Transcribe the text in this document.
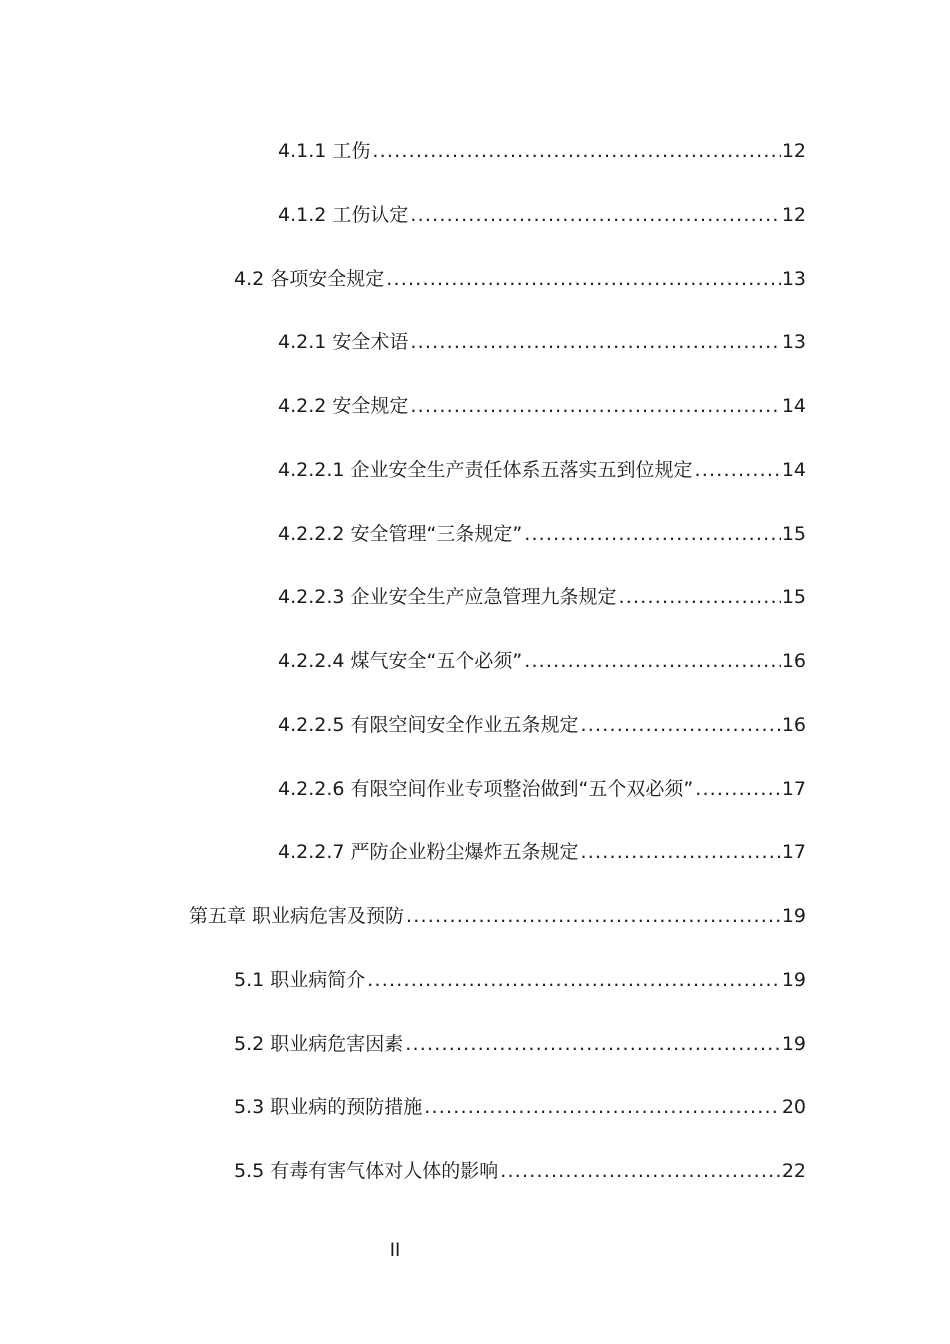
4.1.1 工伤 .....	12
4.1.2 工伤认定 .....	12
4.2 各项安全规定 .....	13
4.2.1 安全术语 .....	13
4.2.2 安全规定 .....	14
4.2.2.1 企业安全生产责任体系五落实五到位规定 .....	14
4.2.2.2 安全管理“三条规定” .....	15
4.2.2.3 企业安全生产应急管理九条规定 .....	15
4.2.2.4 煤气安全“五个必须” .....	16
4.2.2.5 有限空间安全作业五条规定 .....	16
4.2.2.6 有限空间作业专项整治做到“五个双必须” .....	17
4.2.2.7 严防企业粉尘爆炸五条规定 .....	17
第五章 职业病危害及预防 .....	19
5.1 职业病简介 .....	19
5.2 职业病危害因素 .....	19
5.3 职业病的预防措施 .....	20
5.5 有毒有害气体对人体的影响 .....	22
II
